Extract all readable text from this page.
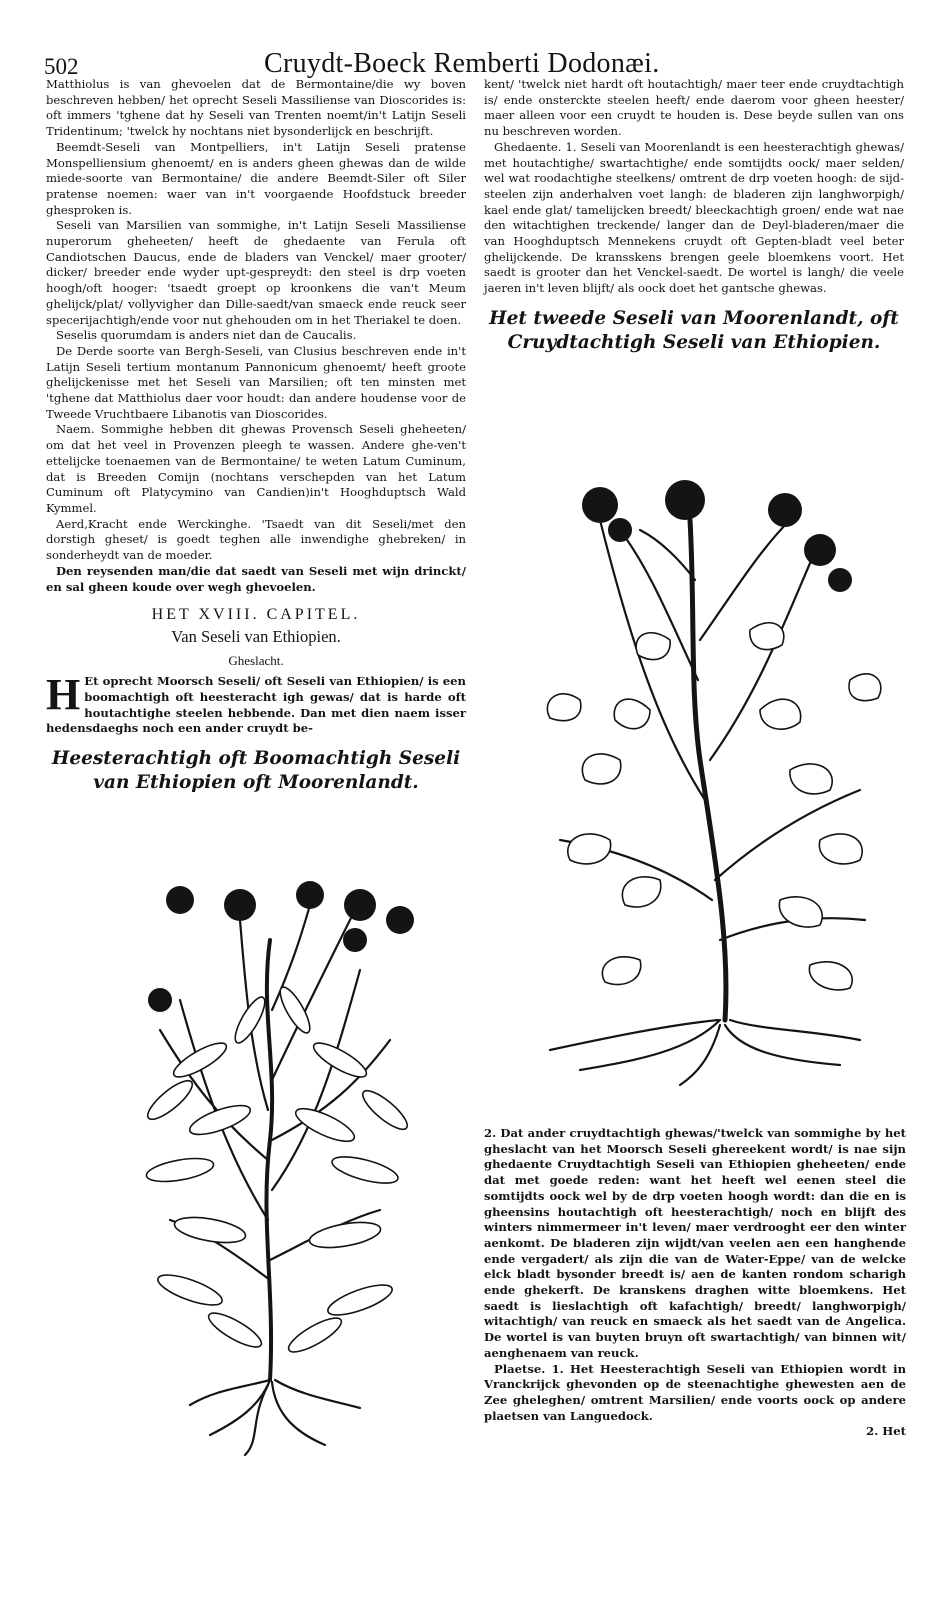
502	Cruydt-Boeck Remberti Dodonæi.

Matthiolus is van ghevoelen dat de Bermontaine/die wy boven beschreven hebben/ het oprecht Seseli Massiliense van Dioscorides is: oft immers 'tghene dat hy Seseli van Trenten noemt/in't Latijn Seseli Tridentinum; 'twelck hy nochtans niet bysonderlijck en beschrijft.

Beemdt-Seseli van Montpelliers, in't Latijn Seseli pratense Monspelliensium ghenoemt/ en is anders gheen ghewas dan de wilde miede-soorte van Bermontaine/ die andere Beemdt-Siler oft Siler pratense noemen: waer van in't voorgaende Hoofdstuck breeder ghesproken is.

Seseli van Marsilien van sommighe, in't Latijn Seseli Massiliense nuperorum gheheeten/ heeft de ghedaente van Ferula oft Candiotschen Daucus, ende de bladers van Venckel/ maer grooter/ dicker/ breeder ende wyder upt-gespreydt: den steel is drp voeten hoogh/oft hooger: 'tsaedt groept op kroonkens die van't Meum ghelijck/plat/ vollyvigher dan Dille-saedt/van smaeck ende reuck seer specerijachtigh/ende voor nut ghehouden om in het Theriakel te doen.

Seselis quorumdam is anders niet dan de Caucalis.

De Derde soorte van Bergh-Seseli, van Clusius beschreven ende in't Latijn Seseli tertium montanum Pannonicum ghenoemt/ heeft groote ghelijckenisse met het Seseli van Marsilien; oft ten minsten met 'tghene dat Matthiolus daer voor houdt: dan andere houdense voor de Tweede Vruchtbaere Libanotis van Dioscorides.

Naem. Sommighe hebben dit ghewas Provensch Seseli gheheeten/ om dat het veel in Provenzen pleegh te wassen. Andere ghe-ven't ettelijcke toenaemen van de Bermontaine/ te weten Latum Cuminum, dat is Breeden Comijn (nochtans verschepden van het Latum Cuminum oft Platycymino van Candien)in't Hooghduptsch Wald Kymmel.

Aerd,Kracht ende Werckinghe. 'Tsaedt van dit Seseli/met den dorstigh gheset/ is goedt teghen alle inwendighe ghebreken/ in sonderheydt van de moeder.

Den reysenden man/die dat saedt van Seseli met wijn drinckt/ en sal gheen koude over wegh ghevoelen.

HET XVIII. CAPITEL.

Van Seseli van Ethiopien.

Gheslacht.

H Et oprecht Moorsch Seseli/ oft Seseli van Ethiopien/ is een boomachtigh oft heesteracht igh gewas/ dat is harde oft houtachtighe steelen hebbende. Dan met dien naem isser hedensdaeghs noch een ander cruydt be-

Heesterachtigh oft Boomachtigh Seseli van Ethiopien oft Moorenlandt.

kent/ 'twelck niet hardt oft houtachtigh/ maer teer ende cruydtachtigh is/ ende onsterckte steelen heeft/ ende daerom voor gheen heester/ maer alleen voor een cruydt te houden is. Dese beyde sullen van ons nu beschreven worden.

Ghedaente. 1. Seseli van Moorenlandt is een heesterachtigh ghewas/ met houtachtighe/ swartachtighe/ ende somtijdts oock/ maer selden/ wel wat roodachtighe steelkens/ omtrent de drp voeten hoogh: de sijd-steelen zijn anderhalven voet langh: de bladeren zijn langhworpigh/ kael ende glat/ tamelijcken breedt/ bleeckachtigh groen/ ende wat nae den witachtighen treckende/ langer dan de Deyl-bladeren/maer die van Hooghduptsch Mennekens cruydt oft Gepten-bladt veel beter ghelijckende. De kransskens brengen geele bloemkens voort. Het saedt is grooter dan het Venckel-saedt. De wortel is langh/ die veele jaeren in't leven blijft/ als oock doet het gantsche ghewas.

Het tweede Seseli van Moorenlandt, oft Cruydtachtigh Seseli van Ethiopien.

2. Dat ander cruydtachtigh ghewas/'twelck van sommighe by het gheslacht van het Moorsch Seseli ghereekent wordt/ is nae sijn ghedaente Cruydtachtigh Seseli van Ethiopien gheheeten/ ende dat met goede reden: want het heeft wel eenen steel die somtijdts oock wel by de drp voeten hoogh wordt: dan die en is gheensins houtachtigh oft heesterachtigh/ noch en blijft des winters nimmermeer in't leven/ maer verdrooght eer den winter aenkomt. De bladeren zijn wijdt/van veelen aen een hanghende ende vergadert/ als zijn die van de Water-Eppe/ van de welcke elck bladt bysonder breedt is/ aen de kanten rondom scharigh ende ghekerft. De kranskens draghen witte bloemkens. Het saedt is lieslachtigh oft kafachtigh/ breedt/ langhworpigh/ witachtigh/ van reuck en smaeck als het saedt van de Angelica. De wortel is van buyten bruyn oft swartachtigh/ van binnen wit/ aenghenaem van reuck.

Plaetse. 1. Het Heesterachtigh Seseli van Ethiopien wordt in Vranckrijck ghevonden op de steenachtighe ghewesten aen de Zee gheleghen/ omtrent Marsilien/ ende voorts oock op andere plaetsen van Languedock.

2. Het
